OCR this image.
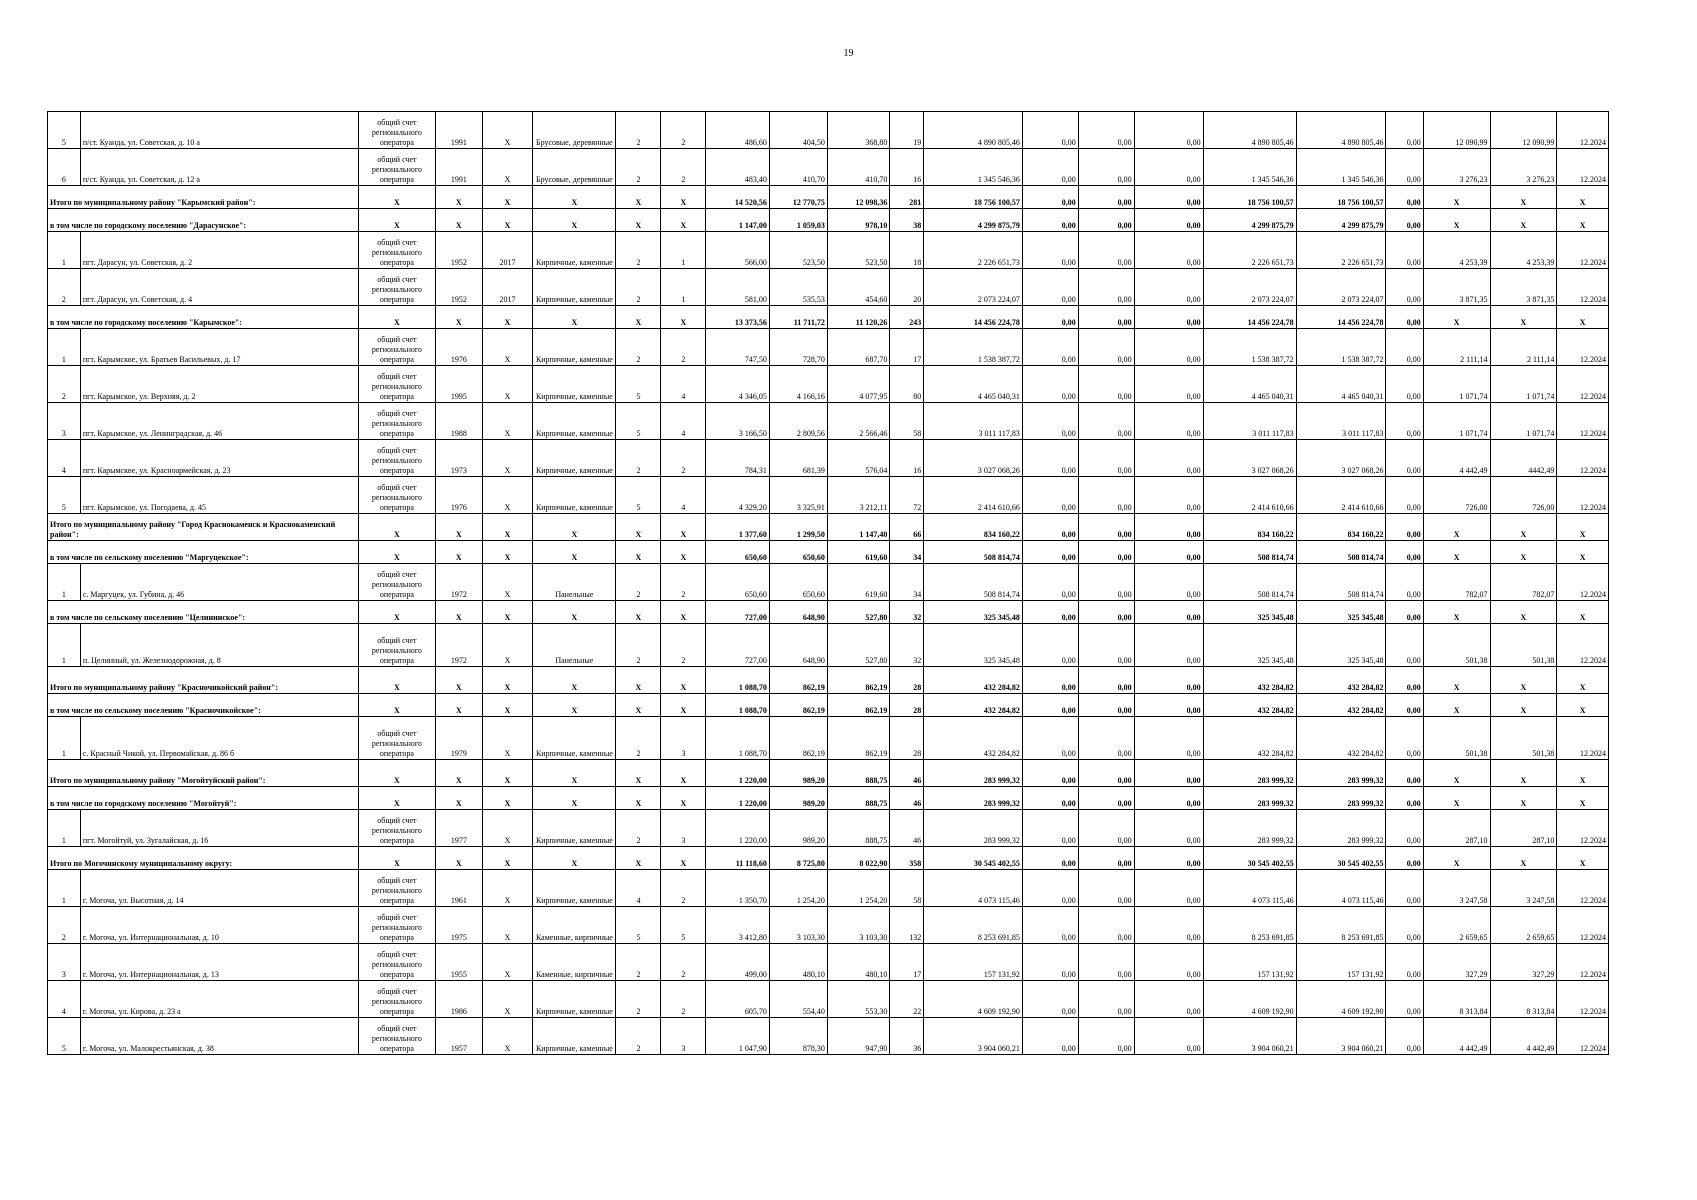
19
5	п/ст. Куанда, ул. Советская, д. 10 а	общий счет регионального оператора	1991	X	Брусовые, деревянные	2	2	486,60	404,50	368,80	19	4 890 805,46	0,00	0,00	0,00	4 890 805,46	4 890 805,46	0,00	12 090,99	12 090,99	12.2024
6	п/ст. Куанда, ул. Советская, д. 12 а	общий счет регионального оператора	1991	X	Брусовые, деревянные	2	2	483,40	410,70	410,70	16	1 345 546,36	0,00	0,00	0,00	1 345 546,36	1 345 546,36	0,00	3 276,23	3 276,23	12.2024
Итого по муниципальному району "Карымский район":		X	X	X	X	X	X	14 520,56	12 770,75	12 098,36	281	18 756 100,57	0,00	0,00	0,00	18 756 100,57	18 756 100,57	0,00	X	X	X
в том числе по городскому поселению "Дарасунское":		X	X	X	X	X	X	1 147,00	1 059,03	978,10	38	4 299 875,79	0,00	0,00	0,00	4 299 875,79	4 299 875,79	0,00	X	X	X
1	пгт. Дарасун, ул. Советская, д. 2	общий счет регионального оператора	1952	2017	Кирпичные, каменные	2	1	566,00	523,50	523,50	18	2 226 651,73	0,00	0,00	0,00	2 226 651,73	2 226 651,73	0,00	4 253,39	4 253,39	12.2024
2	пгт. Дарасун, ул. Советская, д. 4	общий счет регионального оператора	1952	2017	Кирпичные, каменные	2	1	581,00	535,53	454,60	20	2 073 224,07	0,00	0,00	0,00	2 073 224,07	2 073 224,07	0,00	3 871,35	3 871,35	12.2024
в том числе по городскому поселению "Карымское":		X	X	X	X	X	X	13 373,56	11 711,72	11 120,26	243	14 456 224,78	0,00	0,00	0,00	14 456 224,78	14 456 224,78	0,00	X	X	X
1	пгт. Карымское, ул. Братьев Васильевых, д. 17	общий счет регионального оператора	1976	X	Кирпичные, каменные	2	2	747,50	728,70	687,70	17	1 538 387,72	0,00	0,00	0,00	1 538 387,72	1 538 387,72	0,00	2 111,14	2 111,14	12.2024
2	пгт. Карымское, ул. Верхняя, д. 2	общий счет регионального оператора	1995	X	Кирпичные, каменные	5	4	4 346,05	4 166,16	4 077,95	80	4 465 040,31	0,00	0,00	0,00	4 465 040,31	4 465 040,31	0,00	1 071,74	1 071,74	12.2024
3	пгт. Карымское, ул. Ленинградская, д. 46	общий счет регионального оператора	1988	X	Кирпичные, каменные	5	4	3 166,50	2 809,56	2 566,46	58	3 011 117,83	0,00	0,00	0,00	3 011 117,83	3 011 117,83	0,00	1 071,74	1 071,74	12.2024
4	пгт. Карымское, ул. Красноармейская, д. 23	общий счет регионального оператора	1973	X	Кирпичные, каменные	2	2	784,31	681,39	576,04	16	3 027 068,26	0,00	0,00	0,00	3 027 068,26	3 027 068,26	0,00	4 442,49	4442,49	12.2024
5	пгт. Карымское, ул. Погодаева, д. 45	общий счет регионального оператора	1976	X	Кирпичные, каменные	5	4	4 329,20	3 325,91	3 212,11	72	2 414 610,66	0,00	0,00	0,00	2 414 610,66	2 414 610,66	0,00	726,00	726,00	12.2024
Итого по муниципальному району "Город Краснокаменск и Краснокаменский район":		X	X	X	X	X	X	1 377,60	1 299,50	1 147,40	66	834 160,22	0,00	0,00	0,00	834 160,22	834 160,22	0,00	X	X	X
в том числе по сельскому поселению "Маргуцекское":		X	X	X	X	X	X	650,60	650,60	619,60	34	508 814,74	0,00	0,00	0,00	508 814,74	508 814,74	0,00	X	X	X
1	с. Маргуцек, ул. Губина, д. 46	общий счет регионального оператора	1972	X	Панельные	2	2	650,60	650,60	619,60	34	508 814,74	0,00	0,00	0,00	508 814,74	508 814,74	0,00	782,07	782,07	12.2024
в том числе по сельскому поселению "Целининское":		X	X	X	X	X	X	727,00	648,90	527,80	32	325 345,48	0,00	0,00	0,00	325 345,48	325 345,48	0,00	X	X	X
1	п. Целинный, ул. Железнодорожная, д. 8	общий счет регионального оператора	1972	X	Панельные	2	2	727,00	648,90	527,80	32	325 345,48	0,00	0,00	0,00	325 345,48	325 345,48	0,00	501,38	501,38	12.2024
Итого по муниципальному району "Красночикойский район":		X	X	X	X	X	X	1 088,70	862,19	862,19	28	432 284,82	0,00	0,00	0,00	432 284,82	432 284,82	0,00	X	X	X
в том числе по сельскому поселению "Красночикойское":		X	X	X	X	X	X	1 088,70	862,19	862,19	28	432 284,82	0,00	0,00	0,00	432 284,82	432 284,82	0,00	X	X	X
1	с. Красный Чикой, ул. Первомайская, д. 86 б	общий счет регионального оператора	1979	X	Кирпичные, каменные	2	3	1 088,70	862,19	862,19	28	432 284,82	0,00	0,00	0,00	432 284,82	432 284,82	0,00	501,38	501,38	12.2024
Итого по муниципальному району "Могойтуйский район":		X	X	X	X	X	X	1 220,00	989,20	888,75	46	283 999,32	0,00	0,00	0,00	283 999,32	283 999,32	0,00	X	X	X
в том числе по городскому поселению "Могойтуй":		X	X	X	X	X	X	1 220,00	989,20	888,75	46	283 999,32	0,00	0,00	0,00	283 999,32	283 999,32	0,00	X	X	X
1	пгт. Могойтуй, ул. Зугалайская, д. 16	общий счет регионального оператора	1977	X	Кирпичные, каменные	2	3	1 220,00	989,20	888,75	46	283 999,32	0,00	0,00	0,00	283 999,32	283 999,32	0,00	287,10	287,10	12.2024
Итого по Могочинскому муниципальному округу:		X	X	X	X	X	X	11 118,60	8 725,80	8 022,90	358	30 545 402,55	0,00	0,00	0,00	30 545 402,55	30 545 402,55	0,00	X	X	X
1	г. Могоча, ул. Высотная, д. 14	общий счет регионального оператора	1961	X	Кирпичные, каменные	4	2	1 350,70	1 254,20	1 254,20	58	4 073 115,46	0,00	0,00	0,00	4 073 115,46	4 073 115,46	0,00	3 247,58	3 247,58	12.2024
2	г. Могоча, ул. Интернациональная, д. 10	общий счет регионального оператора	1975	X	Каменные, кирпичные	5	5	3 412,80	3 103,30	3 103,30	132	8 253 691,85	0,00	0,00	0,00	8 253 691,85	8 253 691,85	0,00	2 659,65	2 659,65	12.2024
3	г. Могоча, ул. Интернациональная, д. 13	общий счет регионального оператора	1955	X	Каменные, кирпичные	2	2	499,00	480,10	480,10	17	157 131,92	0,00	0,00	0,00	157 131,92	157 131,92	0,00	327,29	327,29	12.2024
4	г. Могоча, ул. Кирова, д. 23 а	общий счет регионального оператора	1986	X	Кирпичные, каменные	2	2	605,70	554,40	553,30	22	4 609 192,90	0,00	0,00	0,00	4 609 192,90	4 609 192,90	0,00	8 313,84	8 313,84	12.2024
5	г. Могоча, ул. Малокрестьянская, д. 38	общий счет регионального оператора	1957	X	Кирпичные, каменные	2	3	1 047,90	878,30	947,90	36	3 904 060,21	0,00	0,00	0,00	3 904 060,21	3 904 060,21	0,00	4 442,49	4 442,49	12.2024
